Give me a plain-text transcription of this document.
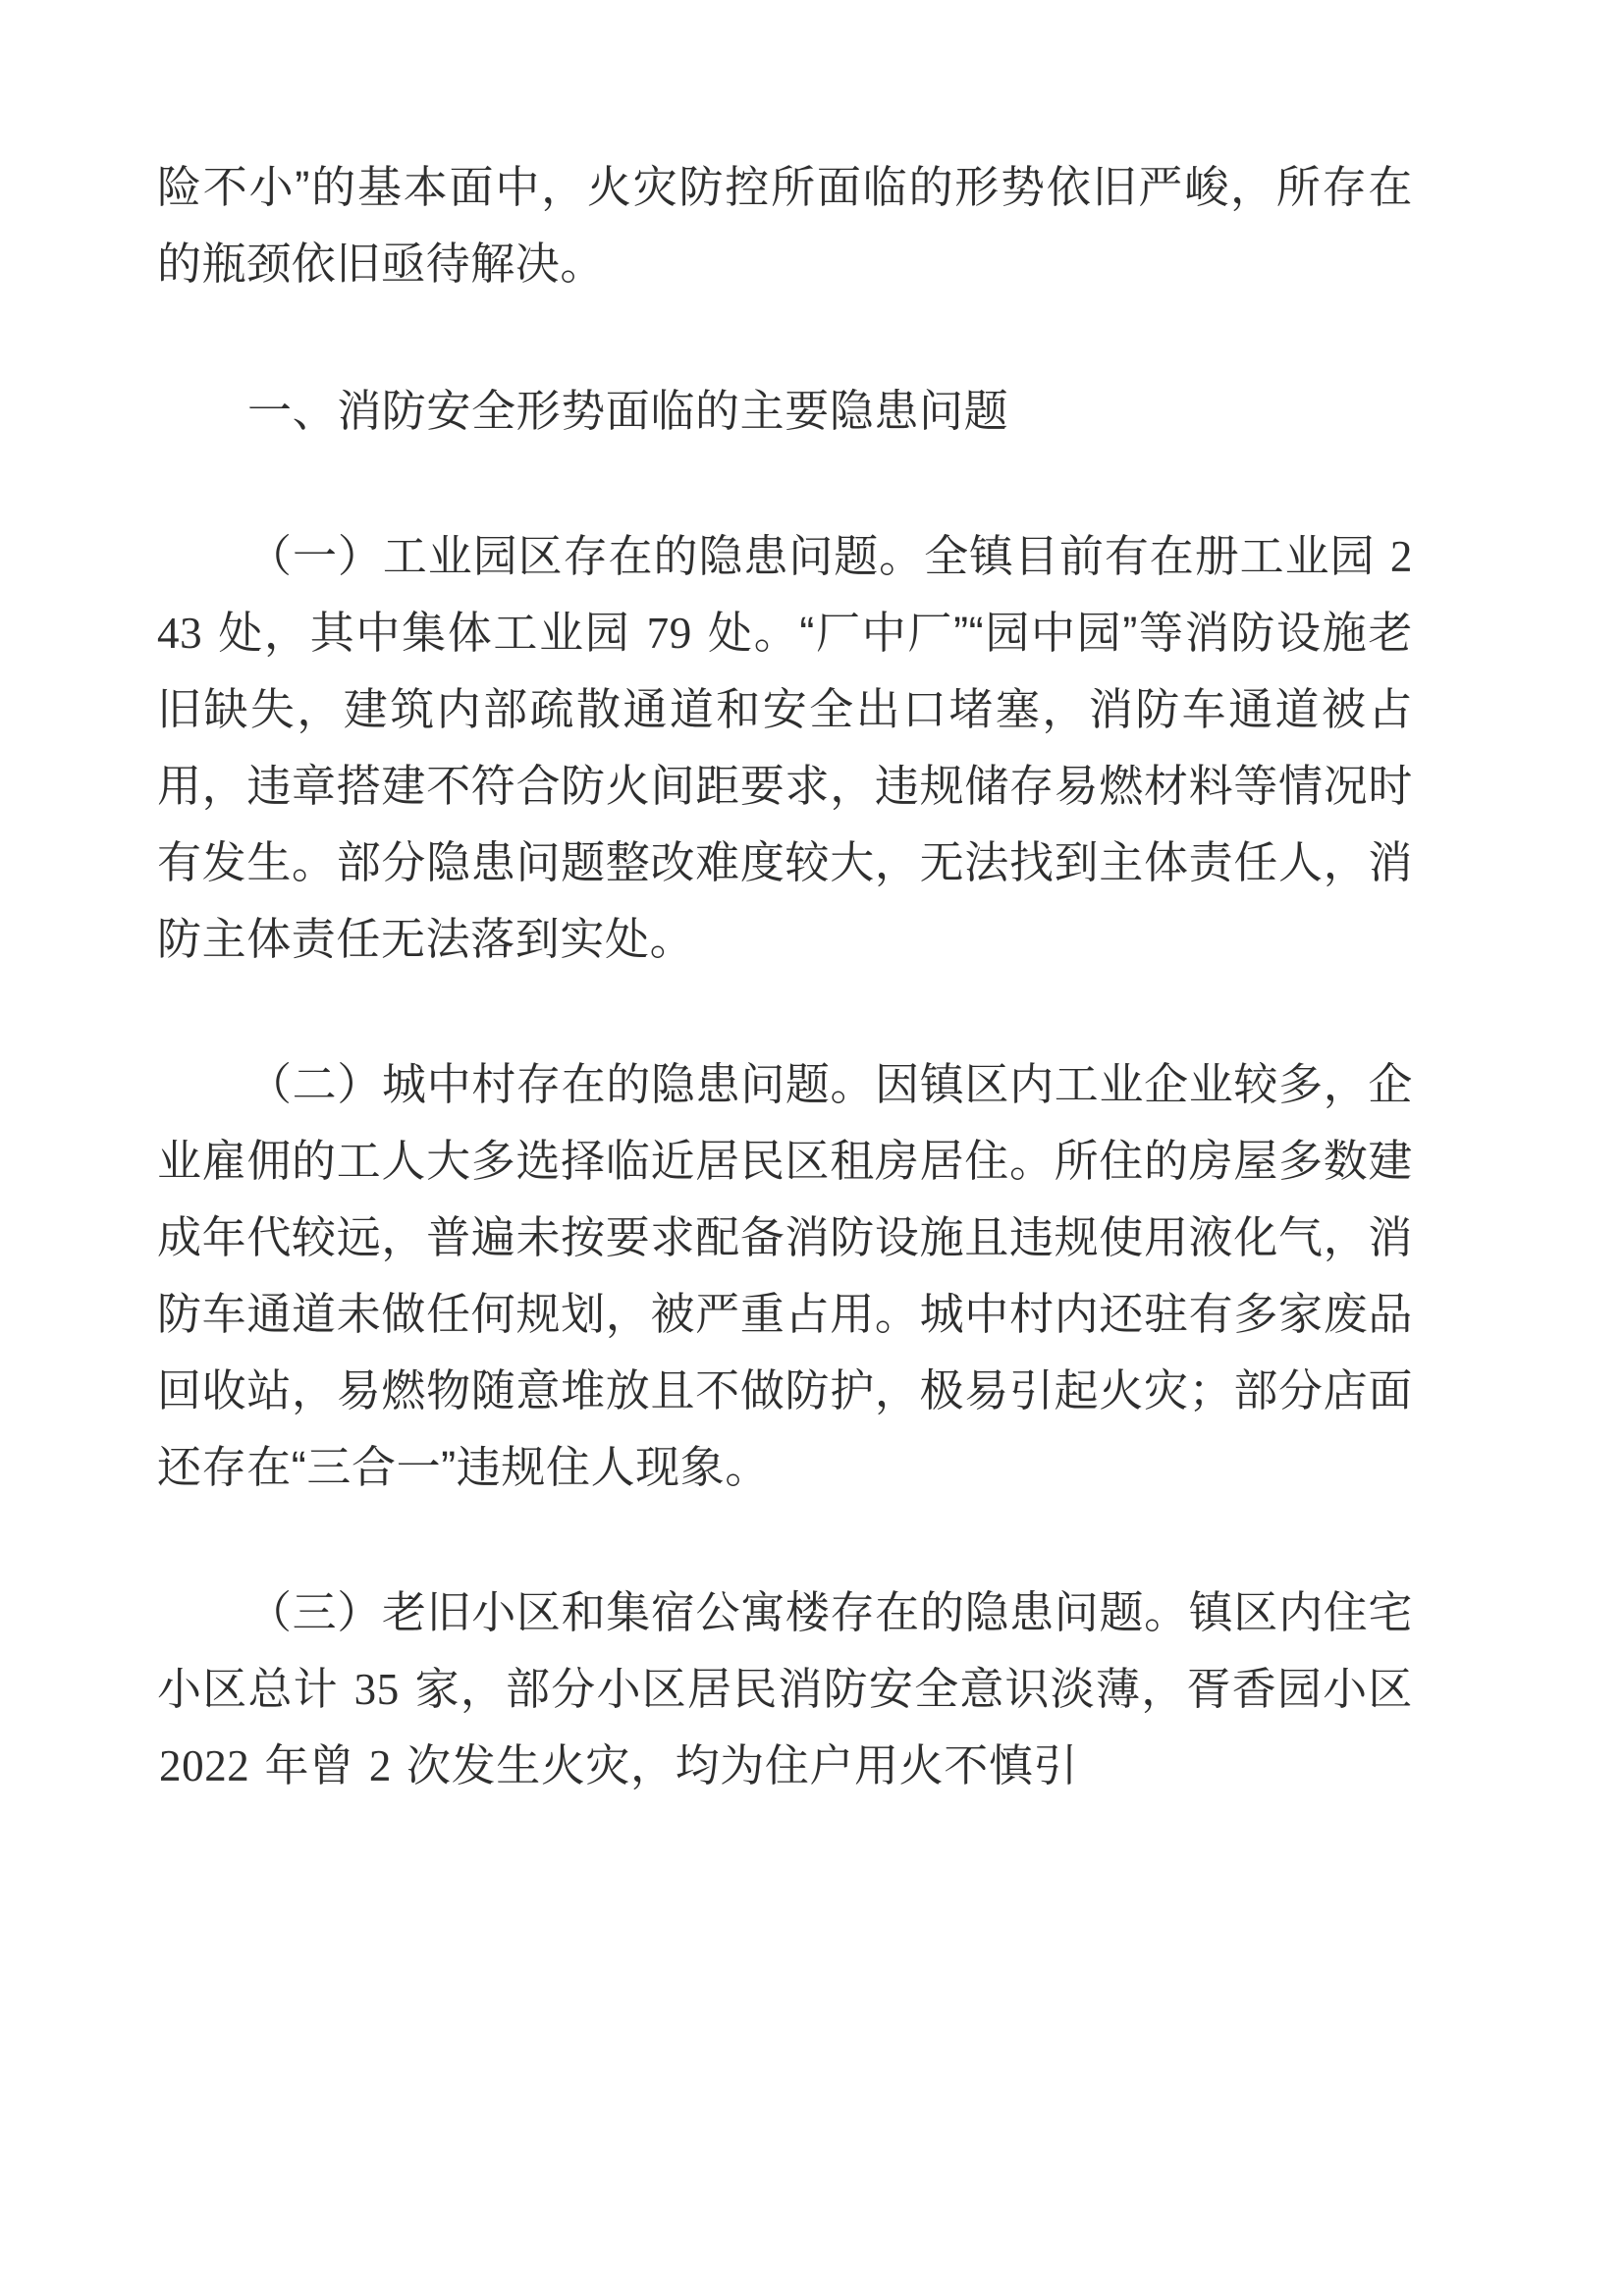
险不小”的基本面中，火灾防控所面临的形势依旧严峻，所存在的瓶颈依旧亟待解决。

一、消防安全形势面临的主要隐患问题

（一）工业园区存在的隐患问题。全镇目前有在册工业园 243 处，其中集体工业园 79 处。“厂中厂”“园中园”等消防设施老旧缺失，建筑内部疏散通道和安全出口堵塞，消防车通道被占用，违章搭建不符合防火间距要求，违规储存易燃材料等情况时有发生。部分隐患问题整改难度较大，无法找到主体责任人，消防主体责任无法落到实处。

（二）城中村存在的隐患问题。因镇区内工业企业较多，企业雇佣的工人大多选择临近居民区租房居住。所住的房屋多数建成年代较远，普遍未按要求配备消防设施且违规使用液化气，消防车通道未做任何规划，被严重占用。城中村内还驻有多家废品回收站，易燃物随意堆放且不做防护，极易引起火灾；部分店面还存在“三合一”违规住人现象。

（三）老旧小区和集宿公寓楼存在的隐患问题。镇区内住宅小区总计 35 家，部分小区居民消防安全意识淡薄，胥香园小区 2022 年曾 2 次发生火灾，均为住户用火不慎引
